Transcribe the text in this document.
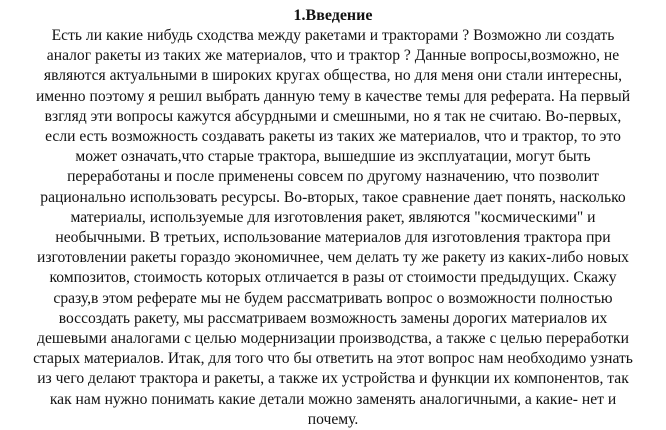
1.Введение
Есть ли какие нибудь сходства между ракетами и тракторами ? Возможно ли создать
аналог ракеты из таких же материалов, что и трактор ? Данные вопросы,возможно, не
являются актуальными в широких кругах общества, но для меня они стали интересны,
именно поэтому я решил выбрать данную тему в качестве темы для реферата. На первый
взгляд эти вопросы кажутся абсурдными и смешными, но я так не считаю. Во-первых,
если есть возможность создавать ракеты из таких же материалов, что и трактор, то это
может означать,что старые трактора, вышедшие из эксплуатации, могут быть
переработаны и после применены совсем по другому назначению, что позволит
рационально использовать ресурсы. Во-вторых, такое сравнение дает понять, насколько
материалы, используемые для изготовления ракет, являются "космическими" и
необычными. В третьих, использование материалов для изготовления трактора при
изготовлении ракеты гораздо экономичнее, чем делать ту же ракету из каких-либо новых
композитов, стоимость которых отличается в разы от стоимости предыдущих. Скажу
сразу,в этом реферате мы не будем рассматривать вопрос о возможности полностью
воссоздать ракету, мы рассматриваем возможность замены дорогих материалов их
дешевыми аналогами с целью модернизации производства, а также с целью переработки
старых материалов. Итак, для того что бы ответить на этот вопрос нам необходимо узнать
из чего делают трактора и ракеты, а также их устройства и функции их компонентов, так
как нам нужно понимать какие детали можно заменять аналогичными, а какие- нет и
почему.
